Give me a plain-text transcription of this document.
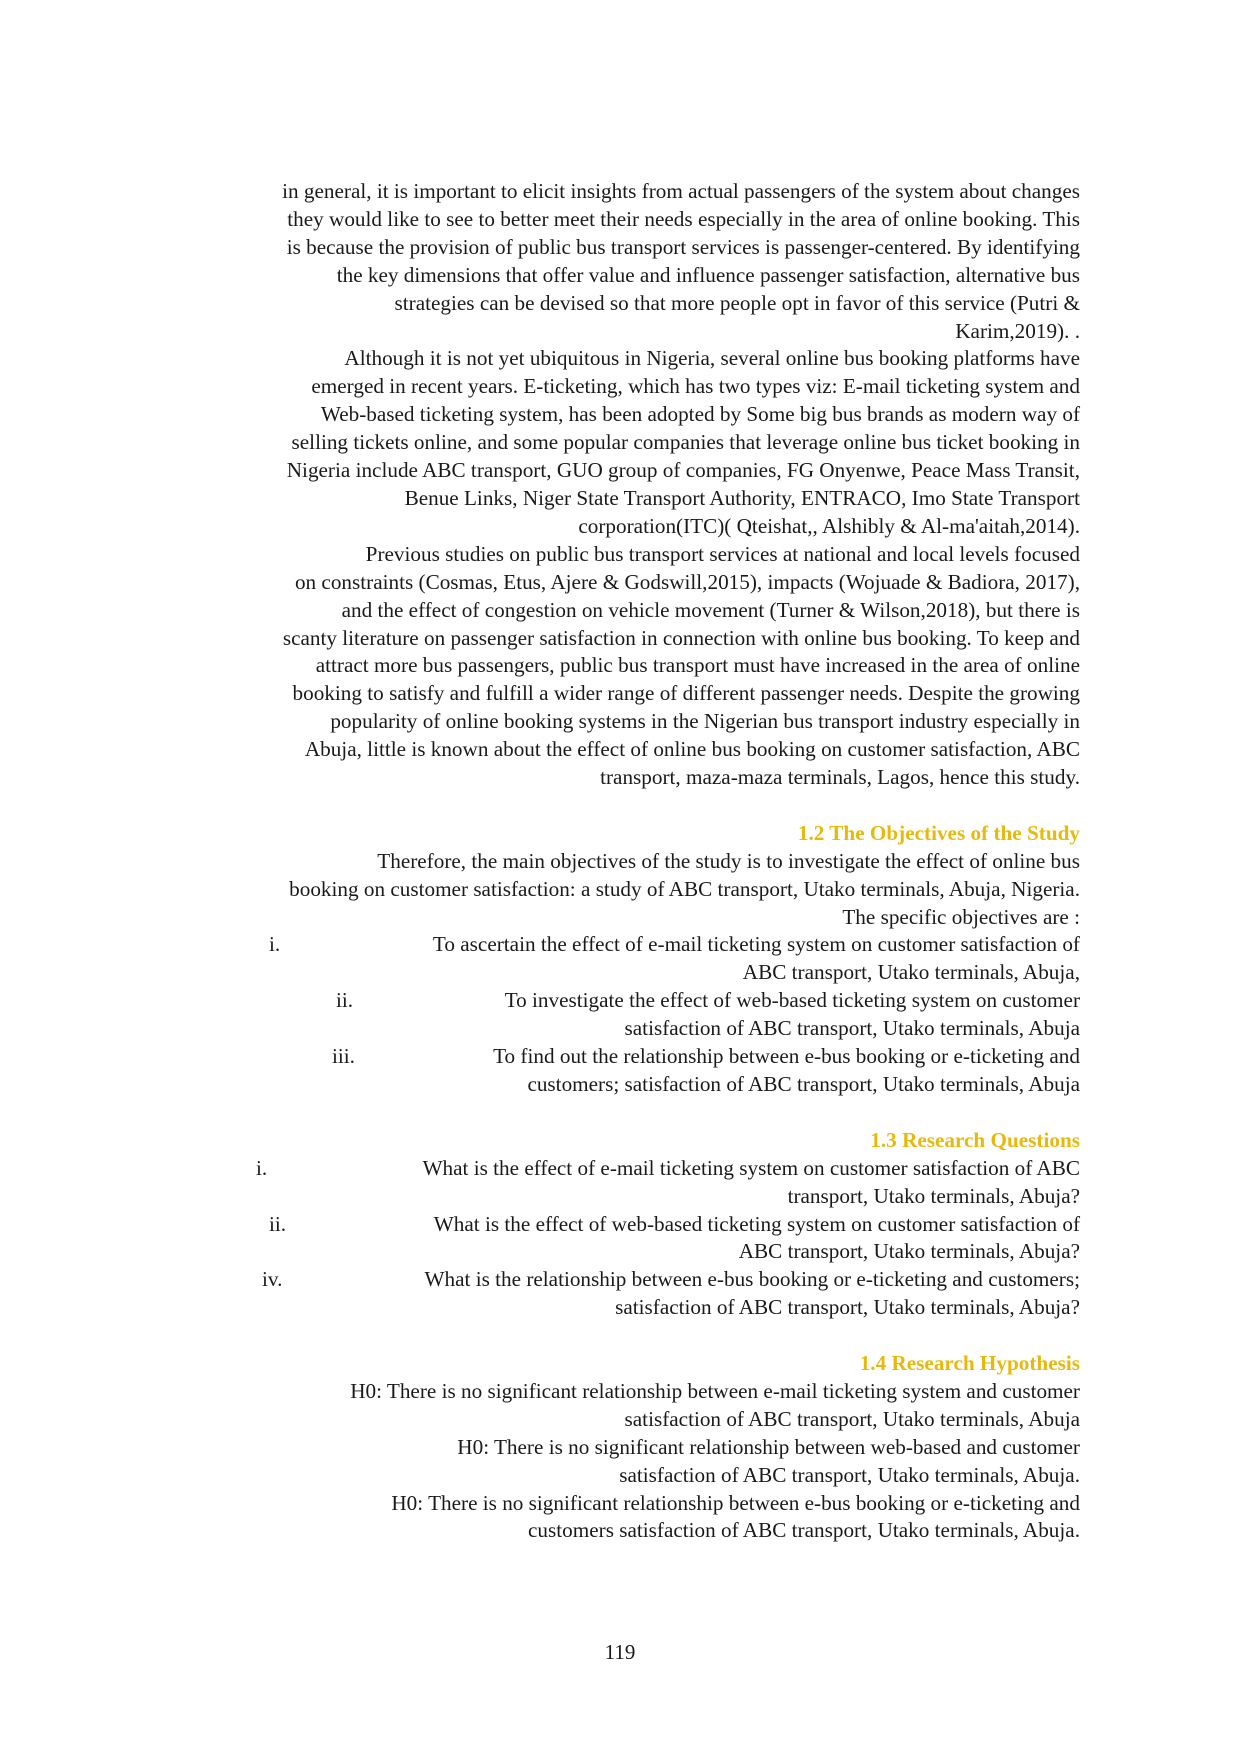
in general, it is important to elicit insights from actual passengers of the system about changes
they would like to see to better meet their needs especially in the area of online booking. This
is because the provision of public bus transport services is passenger-centered. By identifying
the key dimensions that offer value and influence passenger satisfaction, alternative bus
strategies can be devised so that more people opt in favor of this service (Putri &
Karim,2019). .
Although it is not yet ubiquitous in Nigeria, several online bus booking platforms have
emerged in recent years. E-ticketing, which has two types viz: E-mail ticketing system and
Web-based ticketing system, has been adopted by Some big bus brands as modern way of
selling tickets online, and some popular companies that leverage online bus ticket booking in
Nigeria include ABC transport, GUO group of companies, FG Onyenwe, Peace Mass Transit,
Benue Links, Niger State Transport Authority, ENTRACO, Imo State Transport
corporation(ITC)( Qteishat,, Alshibly & Al-ma'aitah,2014).
Previous studies on public bus transport services at national and local levels focused
on constraints (Cosmas, Etus, Ajere & Godswill,2015), impacts (Wojuade & Badiora, 2017),
and the effect of congestion on vehicle movement (Turner & Wilson,2018), but there is
scanty literature on passenger satisfaction in connection with online bus booking. To keep and
attract more bus passengers, public bus transport must have increased in the area of online
booking to satisfy and fulfill a wider range of different passenger needs. Despite the growing
popularity of online booking systems in the Nigerian bus transport industry especially in
Abuja, little is known about the effect of online bus booking on customer satisfaction, ABC
transport, maza-maza terminals, Lagos, hence this study.
1.2 The Objectives of the Study
Therefore, the main objectives of the study is to investigate the effect of online bus
booking on customer satisfaction: a study of ABC transport, Utako terminals, Abuja, Nigeria.
The specific objectives are :
i.	To ascertain the effect of e-mail ticketing system on customer satisfaction of
ABC transport, Utako terminals, Abuja,
ii.	To investigate the effect of web-based ticketing system on customer
satisfaction of ABC transport, Utako terminals, Abuja
iii.	To find out the relationship between e-bus booking or e-ticketing and
customers; satisfaction of ABC transport, Utako terminals, Abuja
1.3 Research Questions
i.	What is the effect of e-mail ticketing system on customer satisfaction of ABC
transport, Utako terminals, Abuja?
ii.	What is the effect of web-based ticketing system on customer satisfaction of
ABC transport, Utako terminals, Abuja?
iv.	What is the relationship between e-bus booking or e-ticketing and customers;
satisfaction of ABC transport, Utako terminals, Abuja?
1.4 Research Hypothesis
H0: There is no significant relationship between e-mail ticketing system and customer
satisfaction of ABC transport, Utako terminals, Abuja
H0: There is no significant relationship between web-based and customer
satisfaction of ABC transport, Utako terminals, Abuja.
H0: There is no significant relationship between e-bus booking or e-ticketing and
customers satisfaction of ABC transport, Utako terminals, Abuja.
119
